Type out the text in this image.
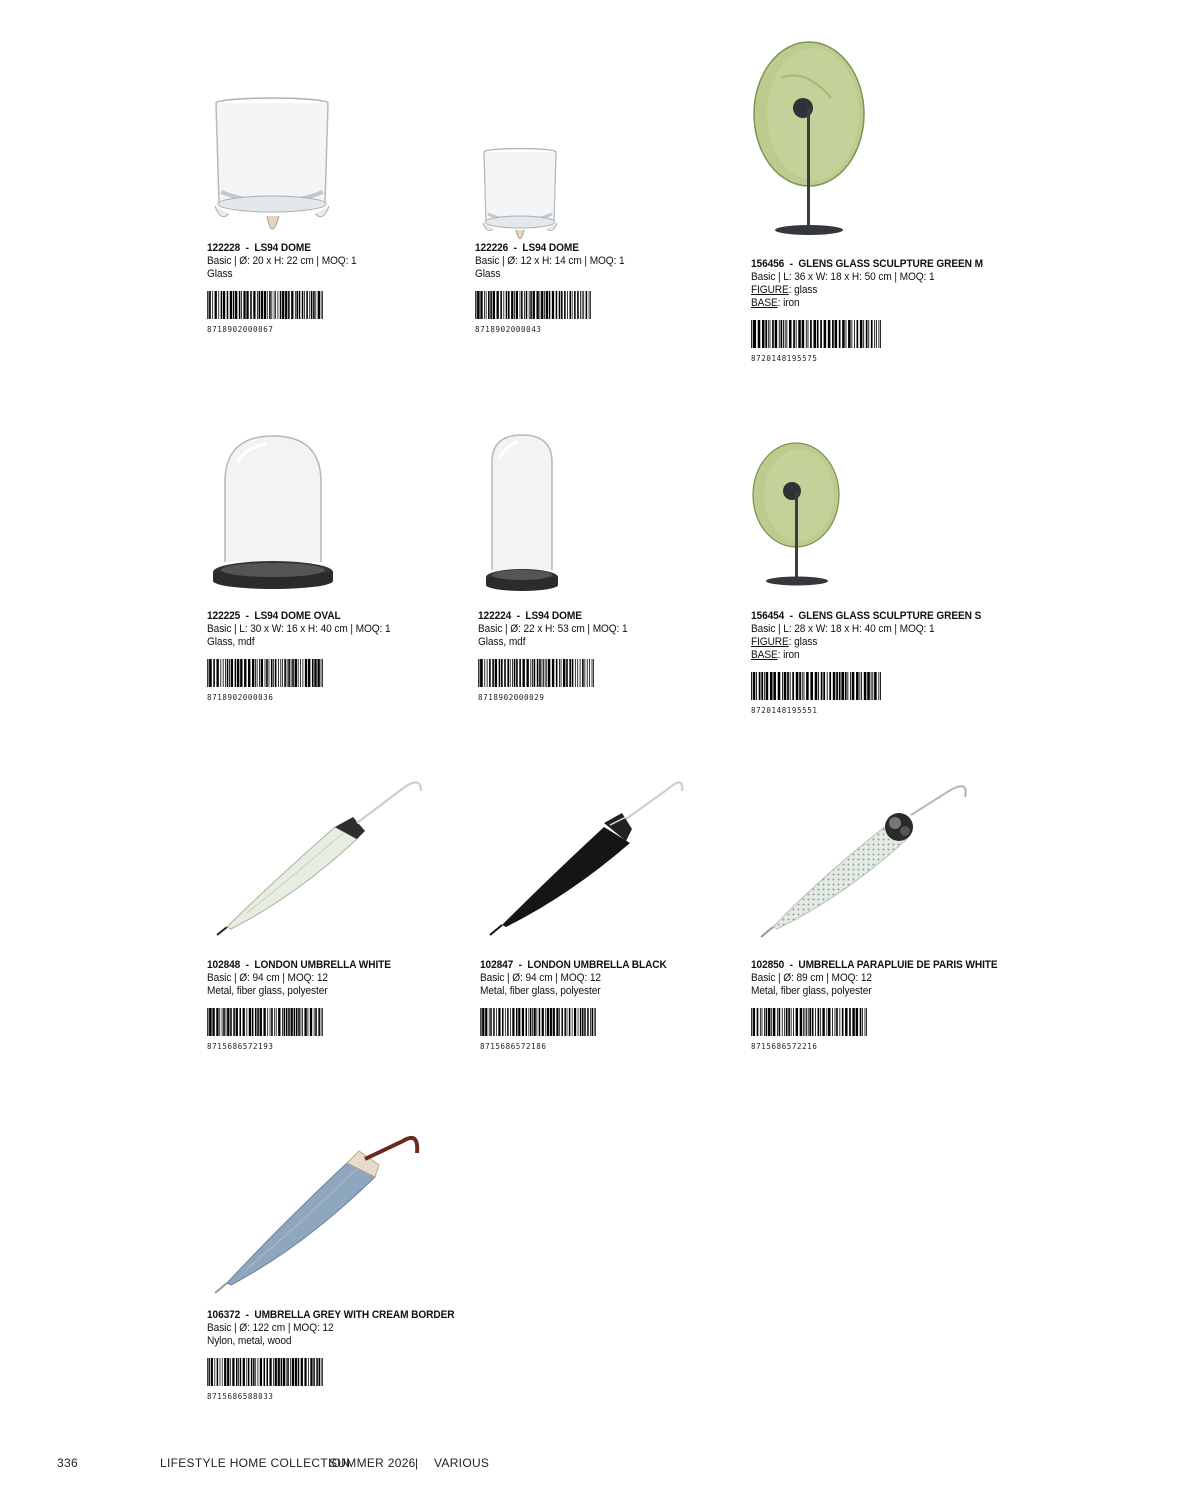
122228  -  LS94 DOME
Basic | Ø: 20 x H: 22 cm | MOQ: 1
Glass
8718902000067
122226  -  LS94 DOME
Basic | Ø: 12 x H: 14 cm | MOQ: 1
Glass
8718902000043
156456  -  GLENS GLASS SCULPTURE GREEN M
Basic | L: 36 x W: 18 x H: 50 cm | MOQ: 1
FIGURE: glass
BASE: iron
8720148195575
122225  -  LS94 DOME OVAL
Basic | L: 30 x W: 16 x H: 40 cm | MOQ: 1
Glass, mdf
8718902000036
122224  -  LS94 DOME
Basic | Ø: 22 x H: 53 cm | MOQ: 1
Glass, mdf
8718902000029
156454  -  GLENS GLASS SCULPTURE GREEN S
Basic | L: 28 x W: 18 x H: 40 cm | MOQ: 1
FIGURE: glass
BASE: iron
8720148195551
102848  -  LONDON UMBRELLA WHITE
Basic | Ø: 94 cm | MOQ: 12
Metal, fiber glass, polyester
8715686572193
102847  -  LONDON UMBRELLA BLACK
Basic | Ø: 94 cm | MOQ: 12
Metal, fiber glass, polyester
8715686572186
102850  -  UMBRELLA PARAPLUIE DE PARIS WHITE
Basic | Ø: 89 cm | MOQ: 12
Metal, fiber glass, polyester
8715686572216
106372  -  UMBRELLA GREY WITH CREAM BORDER
Basic | Ø: 122 cm | MOQ: 12
Nylon, metal, wood
8715686588033
336	LIFESTYLE HOME COLLECTION
SUMMER 2026 | VARIOUS
